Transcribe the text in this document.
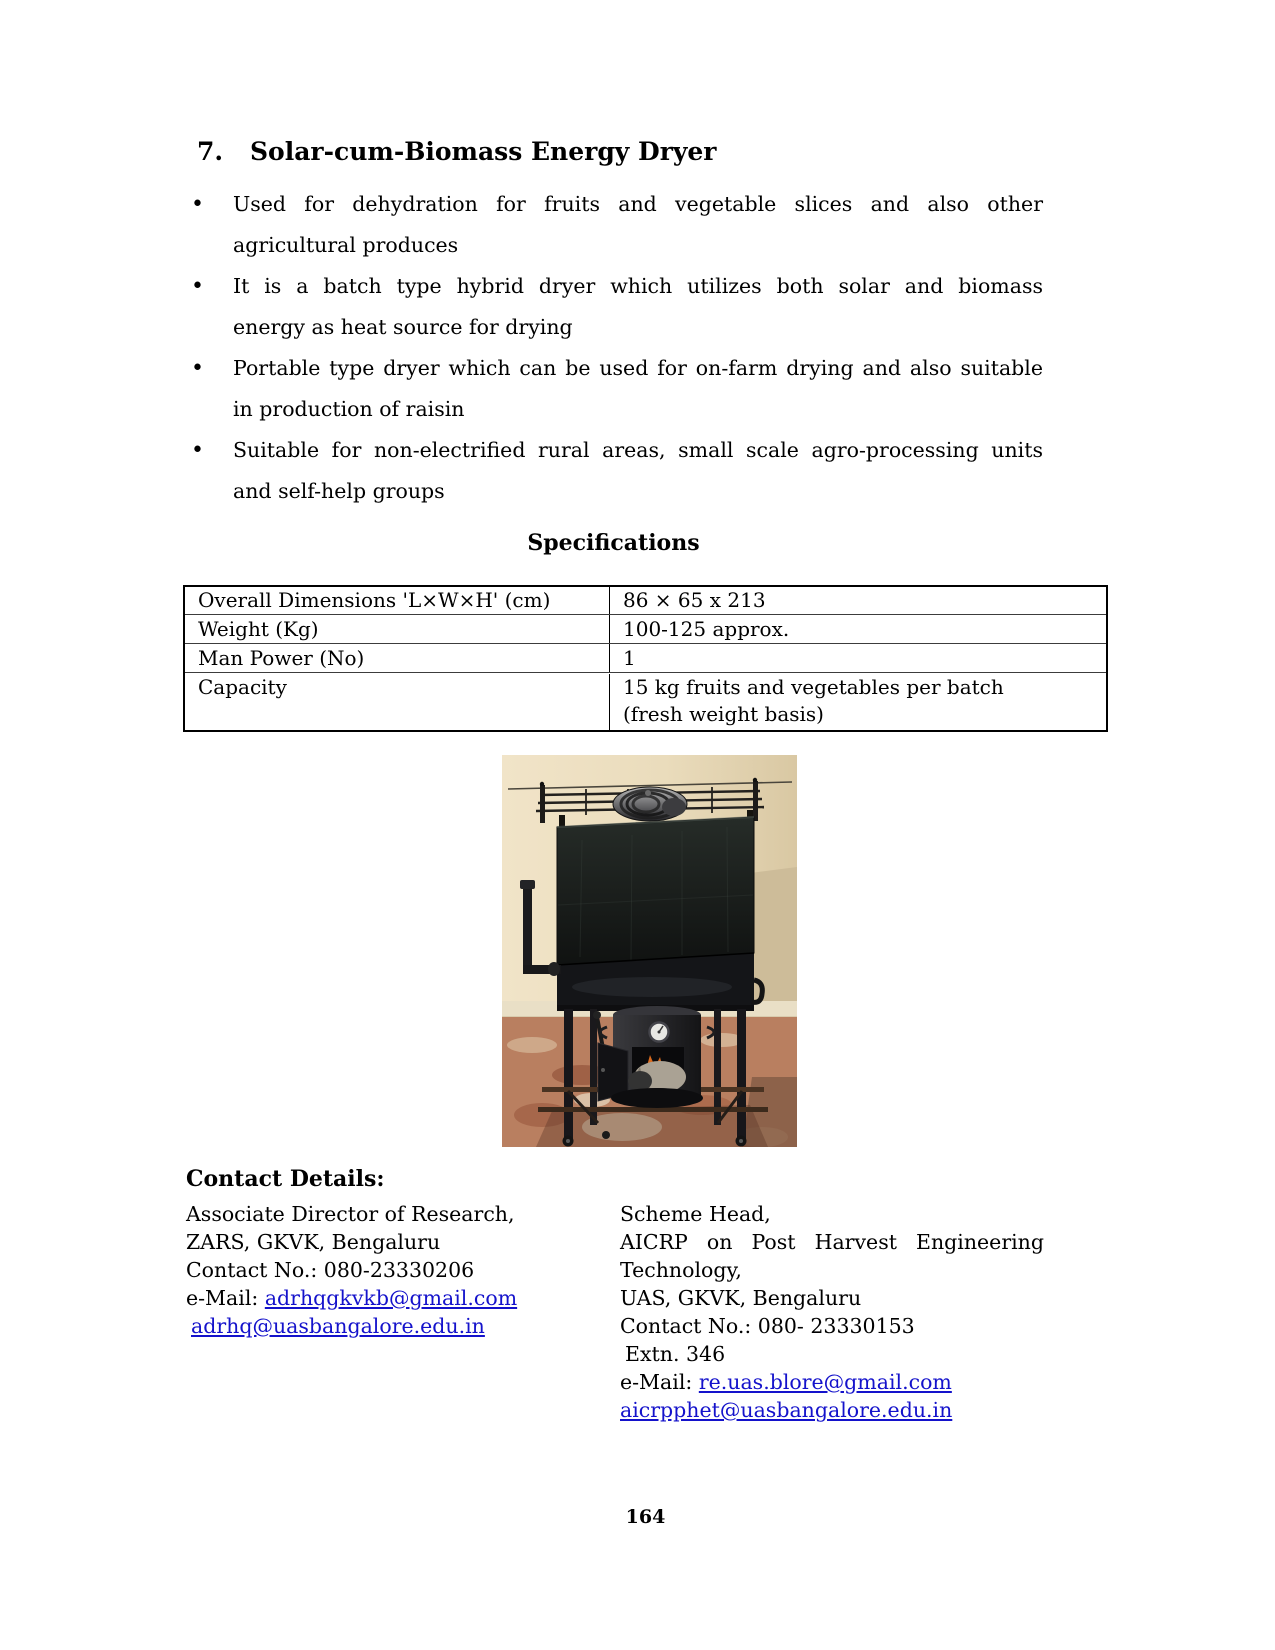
7.	Solar-cum-Biomass Energy Dryer
•	Used for dehydration for fruits and vegetable slices and also other
agricultural produces
•	It is a batch type hybrid dryer which utilizes both solar and biomass
energy as heat source for drying
•	Portable type dryer which can be used for on-farm drying and also suitable
in production of raisin
•	Suitable for non-electrified rural areas, small scale agro-processing units
and self-help groups
Specifications
Overall Dimensions 'L×W×H' (cm)	86 × 65 x 213
Weight (Kg)	100-125 approx.
Man Power (No)	1
Capacity	15 kg fruits and vegetables per batch
(fresh weight basis)
Contact Details:
Associate Director of Research,
ZARS, GKVK, Bengaluru
Contact No.: 080-23330206
e-Mail: adrhqgkvkb@gmail.com
adrhq@uasbangalore.edu.in
Scheme Head,
AICRP on Post Harvest Engineering
Technology,
UAS, GKVK, Bengaluru
Contact No.: 080- 23330153
Extn. 346
e-Mail: re.uas.blore@gmail.com
aicrpphet@uasbangalore.edu.in
164
